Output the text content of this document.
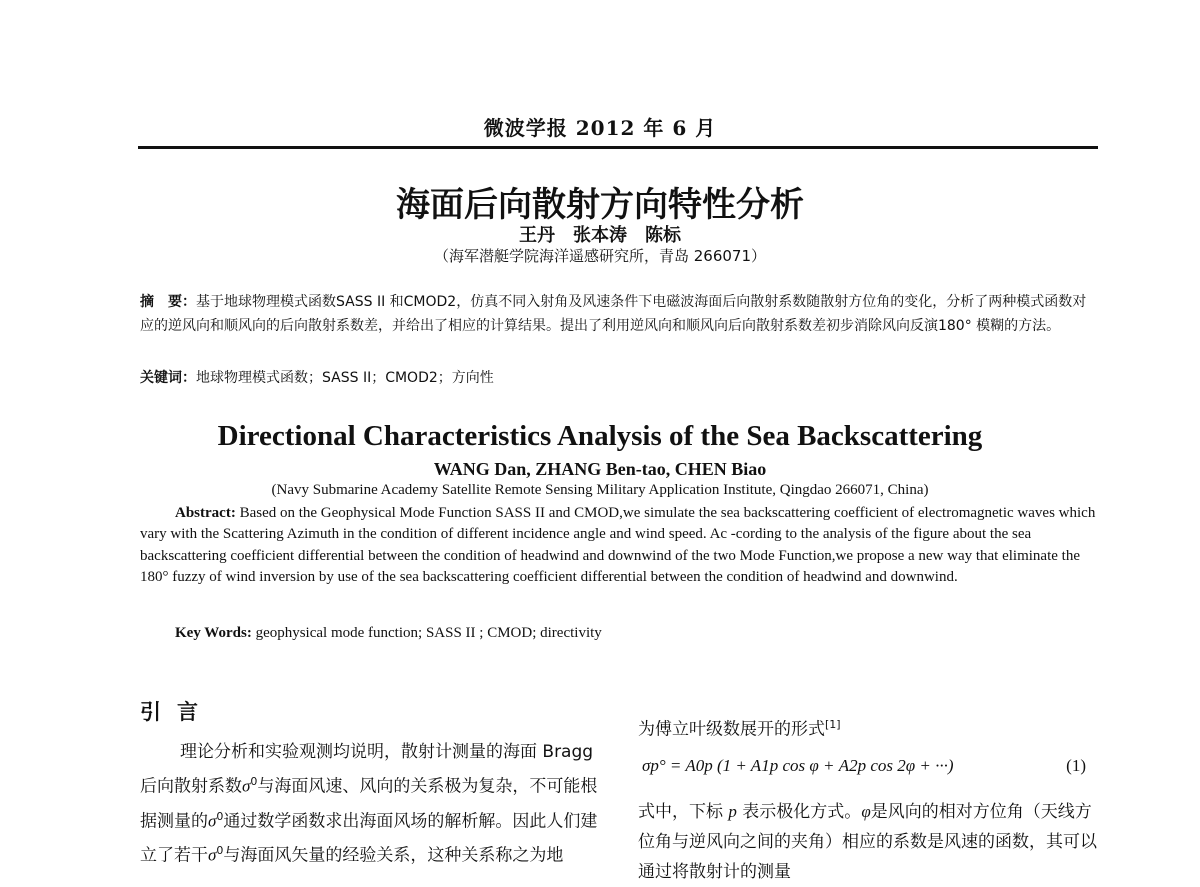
微波学报 2012 年 6 月
海面后向散射方向特性分析
王丹　张本涛　陈标
（海军潜艇学院海洋遥感研究所，青岛 266071）
摘　要：基于地球物理模式函数SASS II 和CMOD2，仿真不同入射角及风速条件下电磁波海面后向散射系数随散射方位角的变化，分析了两种模式函数对应的逆风向和顺风向的后向散射系数差，并给出了相应的计算结果。提出了利用逆风向和顺风向后向散射系数差初步消除风向反演180° 模糊的方法。
关键词：地球物理模式函数；SASS II；CMOD2；方向性
Directional Characteristics Analysis of the Sea Backscattering
WANG Dan, ZHANG Ben-tao, CHEN Biao
(Navy Submarine Academy Satellite Remote Sensing Military Application Institute, Qingdao 266071, China)
Abstract: Based on the Geophysical Mode Function SASS II and CMOD,we simulate the sea backscattering coefficient of electromagnetic waves which vary with the Scattering Azimuth in the condition of different incidence angle and wind speed. Ac -cording to the analysis of the figure about the sea backscattering coefficient differential between the condition of headwind and downwind of the two Mode Function,we propose a new way that eliminate the 180° fuzzy of wind inversion by use of the sea backscattering coefficient differential between the condition of headwind and downwind.
Key Words: geophysical mode function; SASS II ; CMOD; directivity
引言
理论分析和实验观测均说明，散射计测量的海面 Bragg 后向散射系数$\sigma^0$与海面风速、风向的关系极为复杂，不可能根据测量的$\sigma^0$通过数学函数求出海面风场的解析解。因此人们建立了若干$\sigma^0$与海面风矢量的经验关系，这种关系称之为地
为傅立叶级数展开的形式[1]
σp° = A0p (1 + A1p cos φ + A2p cos 2φ + ···)	(1)
式中，下标 p 表示极化方式。φ是风向的相对方位角（天线方位角与逆风向之间的夹角）相应的系数是风速的函数，其可以通过将散射计的测量
